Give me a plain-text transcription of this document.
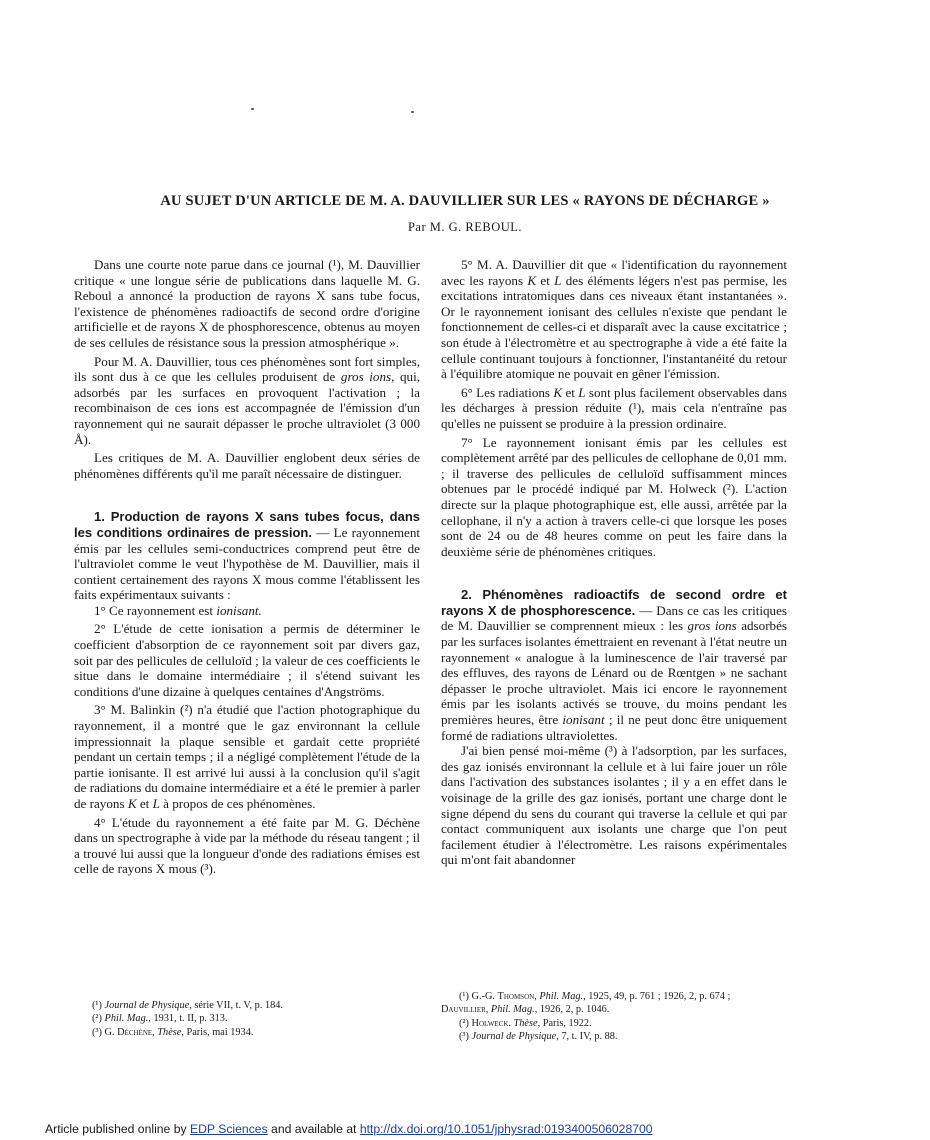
AU SUJET D'UN ARTICLE DE M. A. DAUVILLIER SUR LES « RAYONS DE DÉCHARGE »
Par M. G. REBOUL.

Dans une courte note parue dans ce journal (¹), M. Dauvillier critique « une longue série de publications dans laquelle M. G. Reboul a annoncé la production de rayons X sans tube focus, l'existence de phénomènes radioactifs de second ordre d'origine artificielle et de rayons X de phosphorescence, obtenus au moyen de ses cellules de résistance sous la pression atmosphérique ».

Pour M. A. Dauvillier, tous ces phénomènes sont fort simples, ils sont dus à ce que les cellules produisent de gros ions, qui, adsorbés par les surfaces en provoquent l'activation ; la recombinaison de ces ions est accompagnée de l'émission d'un rayonnement qui ne saurait dépasser le proche ultraviolet (3 000 Å).

Les critiques de M. A. Dauvillier englobent deux séries de phénomènes différents qu'il me paraît nécessaire de distinguer.

1. Production de rayons X sans tubes focus, dans les conditions ordinaires de pression. — Le rayonnement émis par les cellules semi-conductrices comprend peut être de l'ultraviolet comme le veut l'hypothèse de M. Dauvillier, mais il contient certainement des rayons X mous comme l'établissent les faits expérimentaux suivants :

1° Ce rayonnement est ionisant.

2° L'étude de cette ionisation a permis de déterminer le coefficient d'absorption de ce rayonnement soit par divers gaz, soit par des pellicules de celluloïd ; la valeur de ces coefficients le situe dans le domaine intermédiaire ; il s'étend suivant les conditions d'une dizaine à quelques centaines d'Angströms.

3° M. Balinkin (²) n'a étudié que l'action photographique du rayonnement, il a montré que le gaz environnant la cellule impressionnait la plaque sensible et gardait cette propriété pendant un certain temps ; il a négligé complètement l'étude de la partie ionisante. Il est arrivé lui aussi à la conclusion qu'il s'agit de radiations du domaine intermédiaire et a été le premier à parler de rayons K et L à propos de ces phénomènes.

4° L'étude du rayonnement a été faite par M. G. Déchène dans un spectrographe à vide par la méthode du réseau tangent ; il a trouvé lui aussi que la longueur d'onde des radiations émises est celle de rayons X mous (³).

5° M. A. Dauvillier dit que « l'identification du rayonnement avec les rayons K et L des éléments légers n'est pas permise, les excitations intratomiques dans ces niveaux étant instantanées ». Or le rayonnement ionisant des cellules n'existe que pendant le fonctionnement de celles-ci et disparaît avec la cause excitatrice ; son étude à l'électromètre et au spectrographe à vide a été faite la cellule continuant toujours à fonctionner, l'instantanéité du retour à l'équilibre atomique ne pouvait en gêner l'émission.

6° Les radiations K et L sont plus facilement observables dans les décharges à pression réduite (¹), mais cela n'entraîne pas qu'elles ne puissent se produire à la pression ordinaire.

7° Le rayonnement ionisant émis par les cellules est complètement arrêté par des pellicules de cellophane de 0,01 mm. ; il traverse des pellicules de celluloïd suffisamment minces obtenues par le procédé indiqué par M. Holweck (²). L'action directe sur la plaque photographique est, elle aussi, arrêtée par la cellophane, il n'y a action à travers celle-ci que lorsque les poses sont de 24 ou de 48 heures comme on peut les faire dans la deuxième série de phénomènes critiques.

2. Phénomènes radioactifs de second ordre et rayons X de phosphorescence. — Dans ce cas les critiques de M. Dauvillier se comprennent mieux : les gros ions adsorbés par les surfaces isolantes émettraient en revenant à l'état neutre un rayonnement « analogue à la luminescence de l'air traversé par des effluves, des rayons de Lénard ou de Rœntgen » ne sachant dépasser le proche ultraviolet. Mais ici encore le rayonnement émis par les isolants activés se trouve, du moins pendant les premières heures, être ionisant ; il ne peut donc être uniquement formé de radiations ultraviolettes.

J'ai bien pensé moi-même (³) à l'adsorption, par les surfaces, des gaz ionisés environnant la cellule et à lui faire jouer un rôle dans l'activation des substances isolantes ; il y a en effet dans le voisinage de la grille des gaz ionisés, portant une charge dont le signe dépend du sens du courant qui traverse la cellule et qui par contact communiquent aux isolants une charge que l'on peut facilement étudier à l'électromètre. Les raisons expérimentales qui m'ont fait abandonner

(¹) Journal de Physique, série VII, t. V, p. 184.
(²) Phil. Mag., 1931, t. II, p. 313.
(³) G. Déchène, Thèse, Paris, mai 1934.
(¹) G.-G. Thomson, Phil. Mag., 1925, 49, p. 761 ; 1926, 2, p. 674 ;
Dauvillier, Phil. Mag., 1926, 2, p. 1046.
(²) Holweck. Thèse, Paris, 1922.
(³) Journal de Physique, 7, t. IV, p. 88.
Article published online by EDP Sciences and available at http://dx.doi.org/10.1051/jphysrad:0193400506028700
